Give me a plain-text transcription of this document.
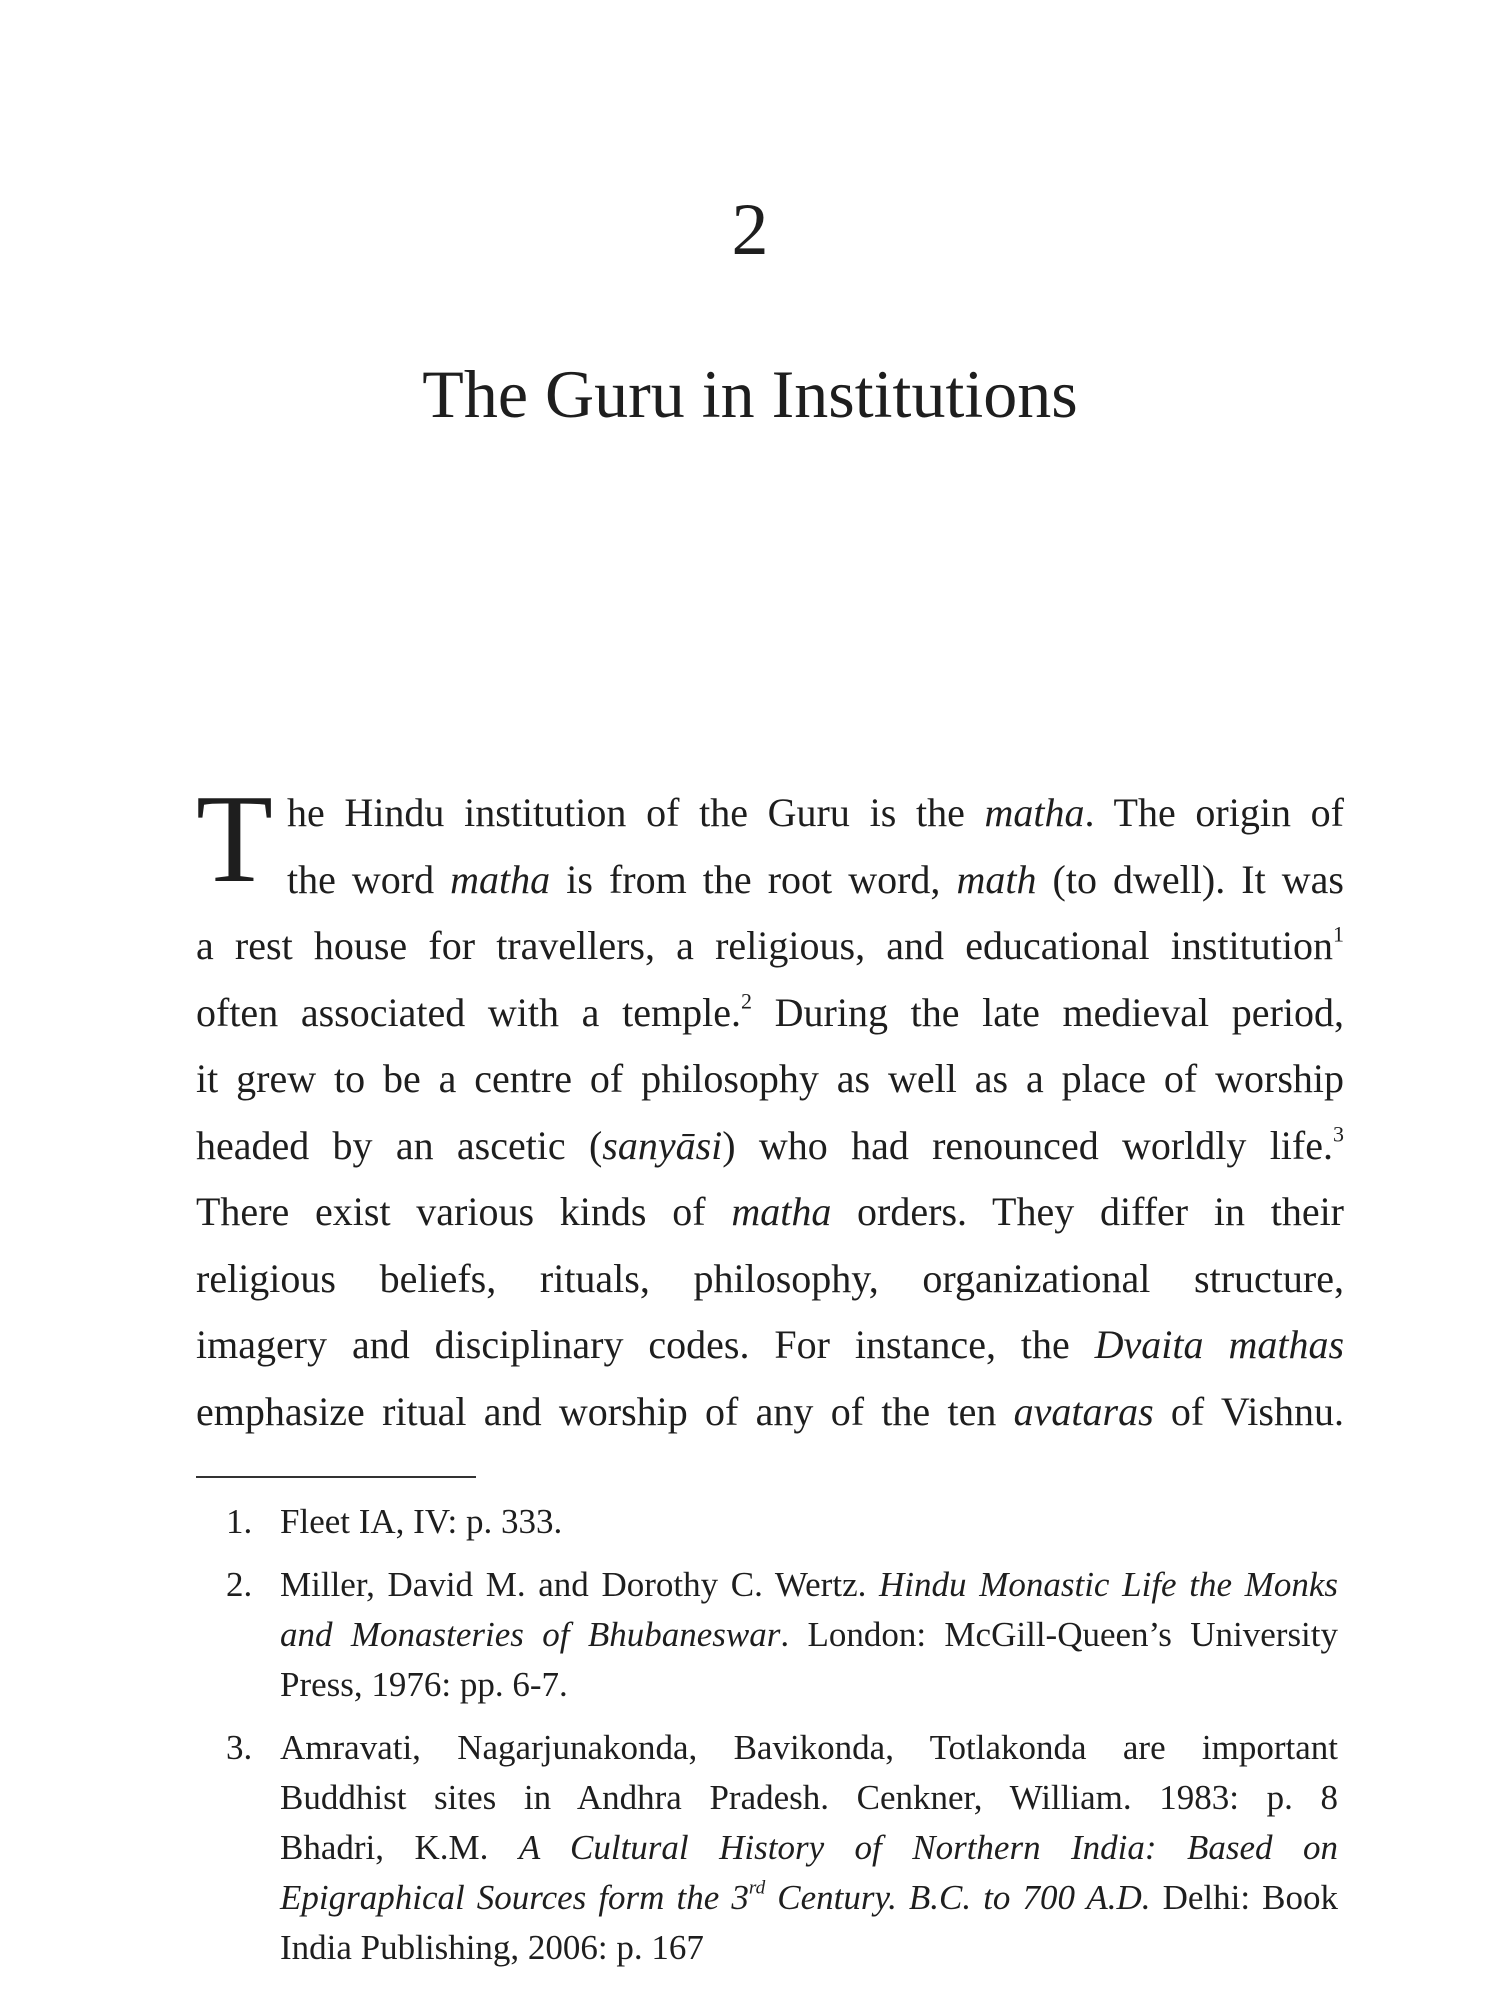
2
The Guru in Institutions
T he Hindu institution of the Guru is the matha. The origin of
the word matha is from the root word, math (to dwell). It was
a rest house for travellers, a religious, and educational institution$^1$
often associated with a temple.$^2$ During the late medieval period,
it grew to be a centre of philosophy as well as a place of worship
headed by an ascetic (sanyāsi) who had renounced worldly life.$^3$
There exist various kinds of matha orders. They differ in their
religious beliefs, rituals, philosophy, organizational structure,
imagery and disciplinary codes. For instance, the Dvaita mathas
emphasize ritual and worship of any of the ten avataras of Vishnu.
1. Fleet IA, IV: p. 333.
2. Miller, David M. and Dorothy C. Wertz. Hindu Monastic Life the Monks
and Monasteries of Bhubaneswar. London: McGill-Queen’s University
Press, 1976: pp. 6-7.
3. Amravati, Nagarjunakonda, Bavikonda, Totlakonda are important
Buddhist sites in Andhra Pradesh. Cenkner, William. 1983: p. 8
Bhadri, K.M. A Cultural History of Northern India: Based on
Epigraphical Sources form the 3rd Century. B.C. to 700 A.D. Delhi: Book
India Publishing, 2006: p. 167
